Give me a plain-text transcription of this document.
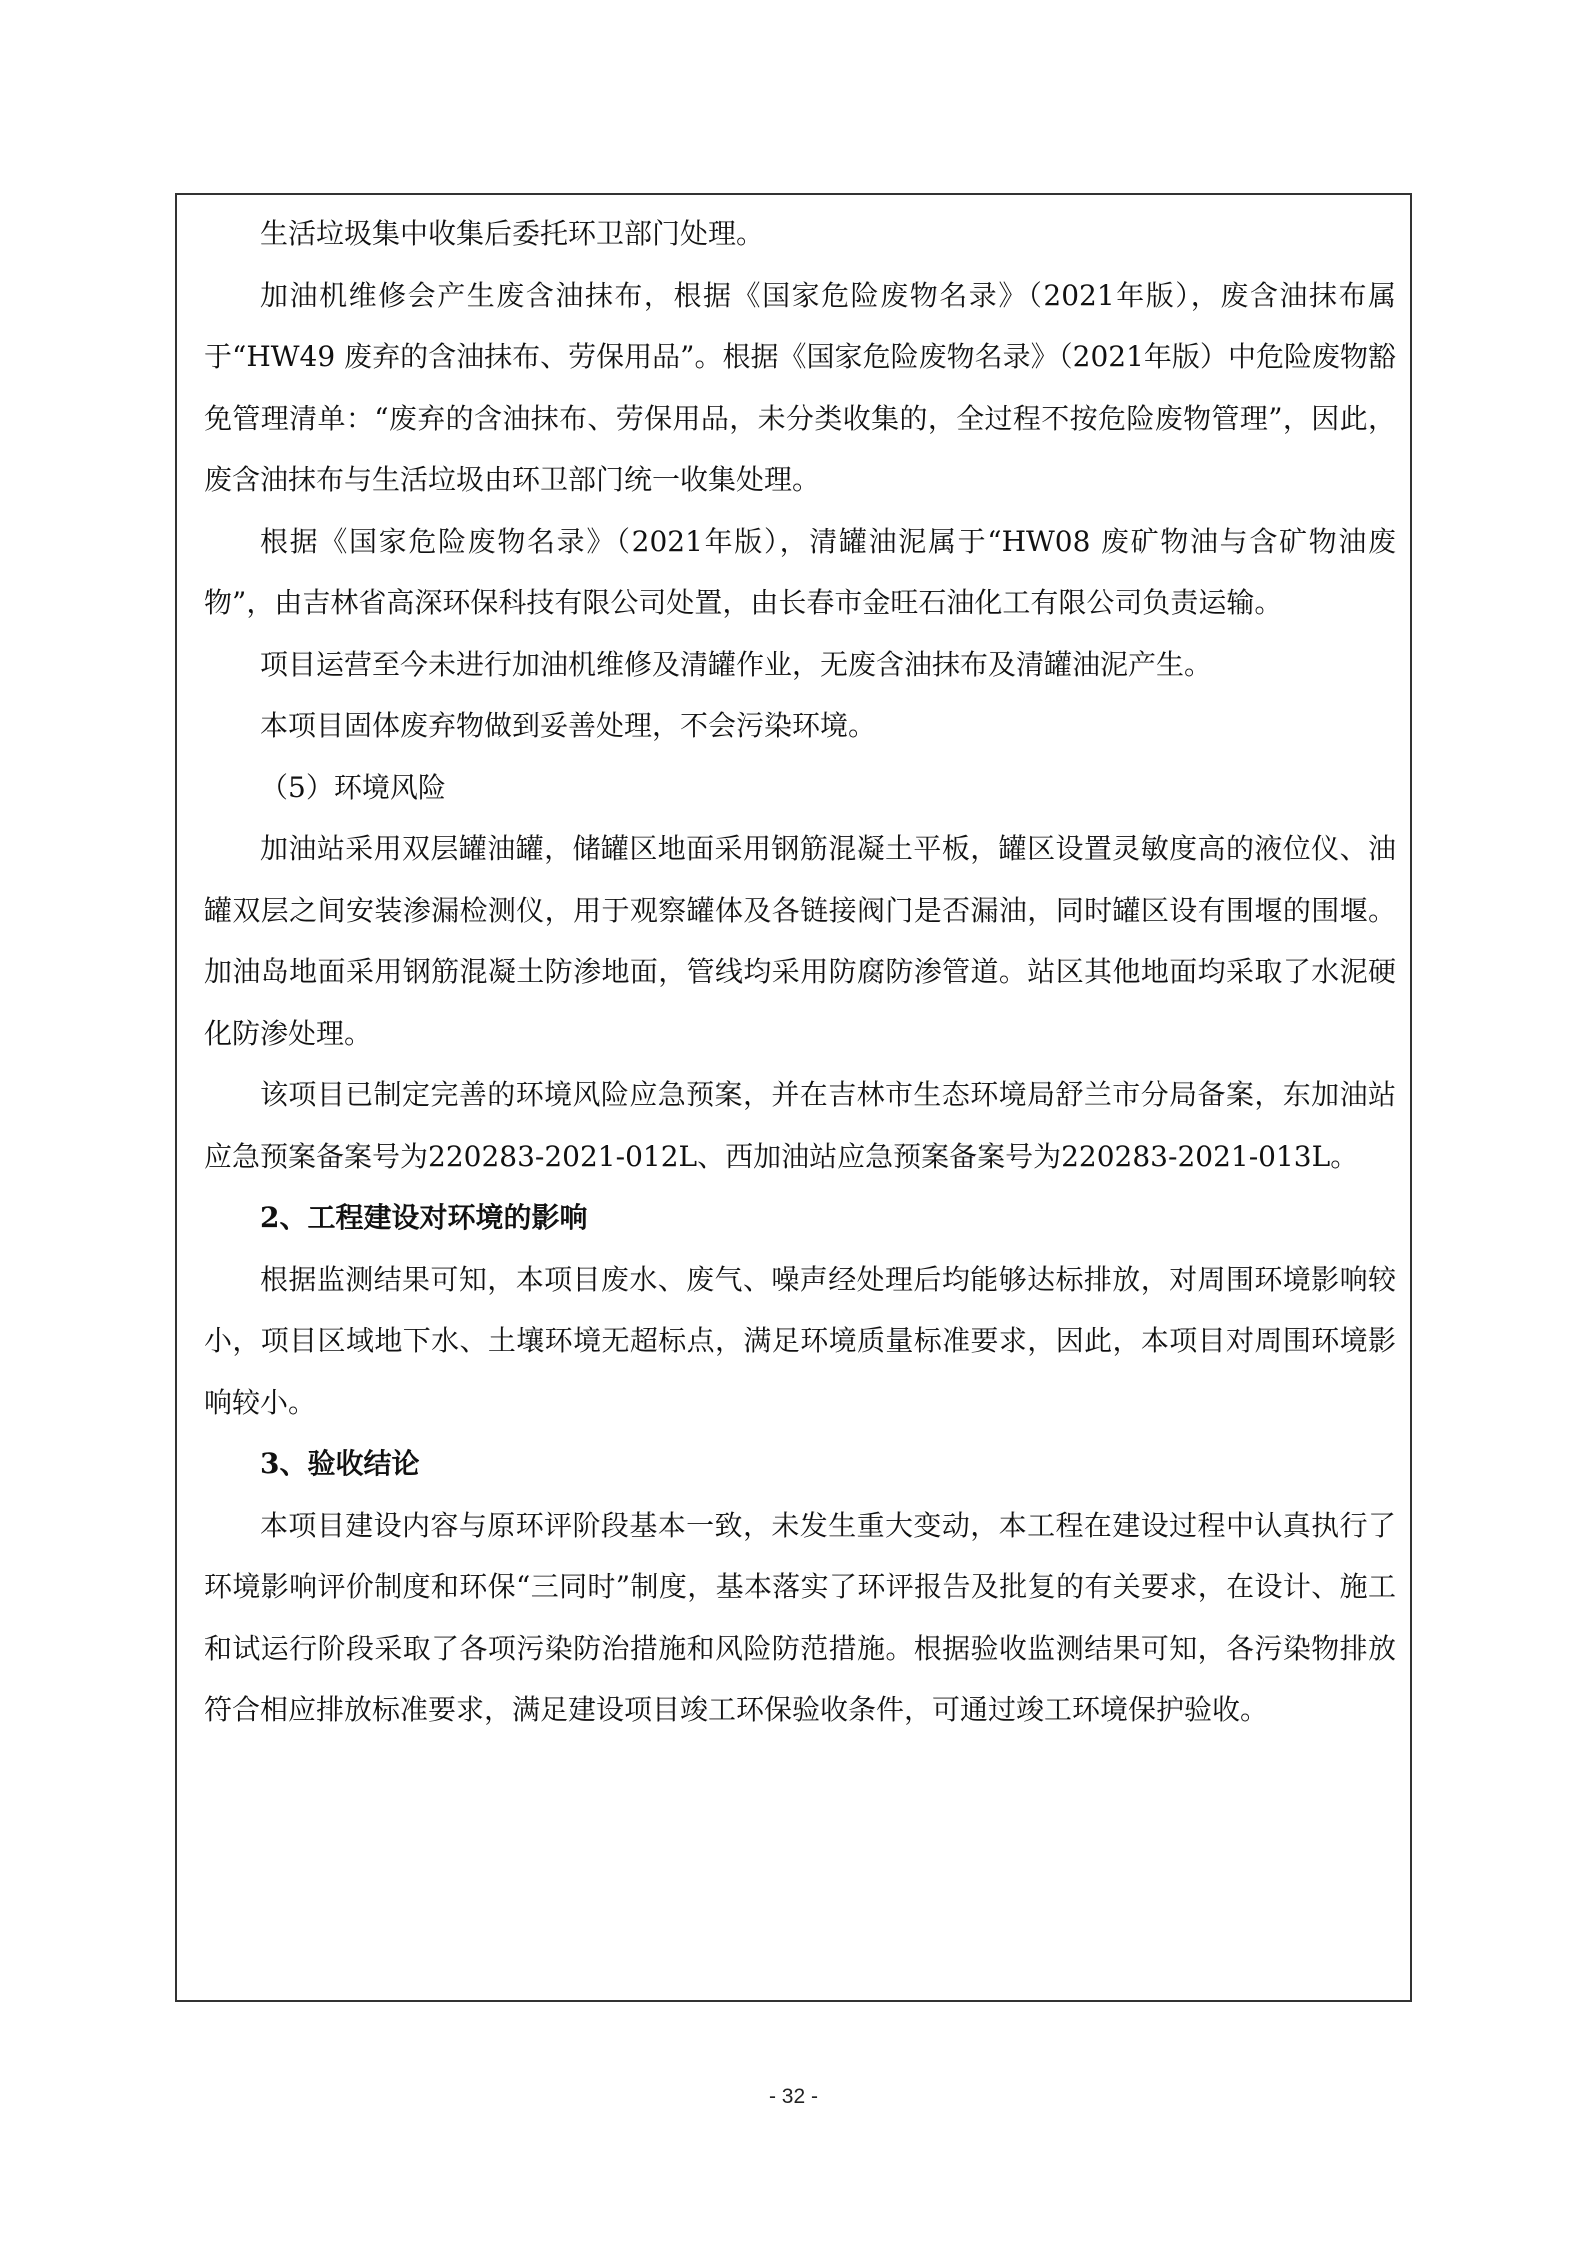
生活垃圾集中收集后委托环卫部门处理。

加油机维修会产生废含油抹布，根据《国家危险废物名录》（2021年版），废含油抹布属于“HW49 废弃的含油抹布、劳保用品”。根据《国家危险废物名录》（2021年版）中危险废物豁免管理清单：“废弃的含油抹布、劳保用品，未分类收集的，全过程不按危险废物管理”，因此，废含油抹布与生活垃圾由环卫部门统一收集处理。

根据《国家危险废物名录》（2021年版），清罐油泥属于“HW08 废矿物油与含矿物油废物”，由吉林省高深环保科技有限公司处置，由长春市金旺石油化工有限公司负责运输。

项目运营至今未进行加油机维修及清罐作业，无废含油抹布及清罐油泥产生。

本项目固体废弃物做到妥善处理，不会污染环境。

（5）环境风险

加油站采用双层罐油罐，储罐区地面采用钢筋混凝土平板，罐区设置灵敏度高的液位仪、油罐双层之间安装渗漏检测仪，用于观察罐体及各链接阀门是否漏油，同时罐区设有围堰的围堰。加油岛地面采用钢筋混凝土防渗地面，管线均采用防腐防渗管道。站区其他地面均采取了水泥硬化防渗处理。

该项目已制定完善的环境风险应急预案，并在吉林市生态环境局舒兰市分局备案，东加油站应急预案备案号为220283-2021-012L、西加油站应急预案备案号为220283-2021-013L。

2、工程建设对环境的影响

根据监测结果可知，本项目废水、废气、噪声经处理后均能够达标排放，对周围环境影响较小，项目区域地下水、土壤环境无超标点，满足环境质量标准要求，因此，本项目对周围环境影响较小。

3、验收结论

本项目建设内容与原环评阶段基本一致，未发生重大变动，本工程在建设过程中认真执行了环境影响评价制度和环保“三同时”制度，基本落实了环评报告及批复的有关要求，在设计、施工和试运行阶段采取了各项污染防治措施和风险防范措施。根据验收监测结果可知，各污染物排放符合相应排放标准要求，满足建设项目竣工环保验收条件，可通过竣工环境保护验收。

- 32 -
